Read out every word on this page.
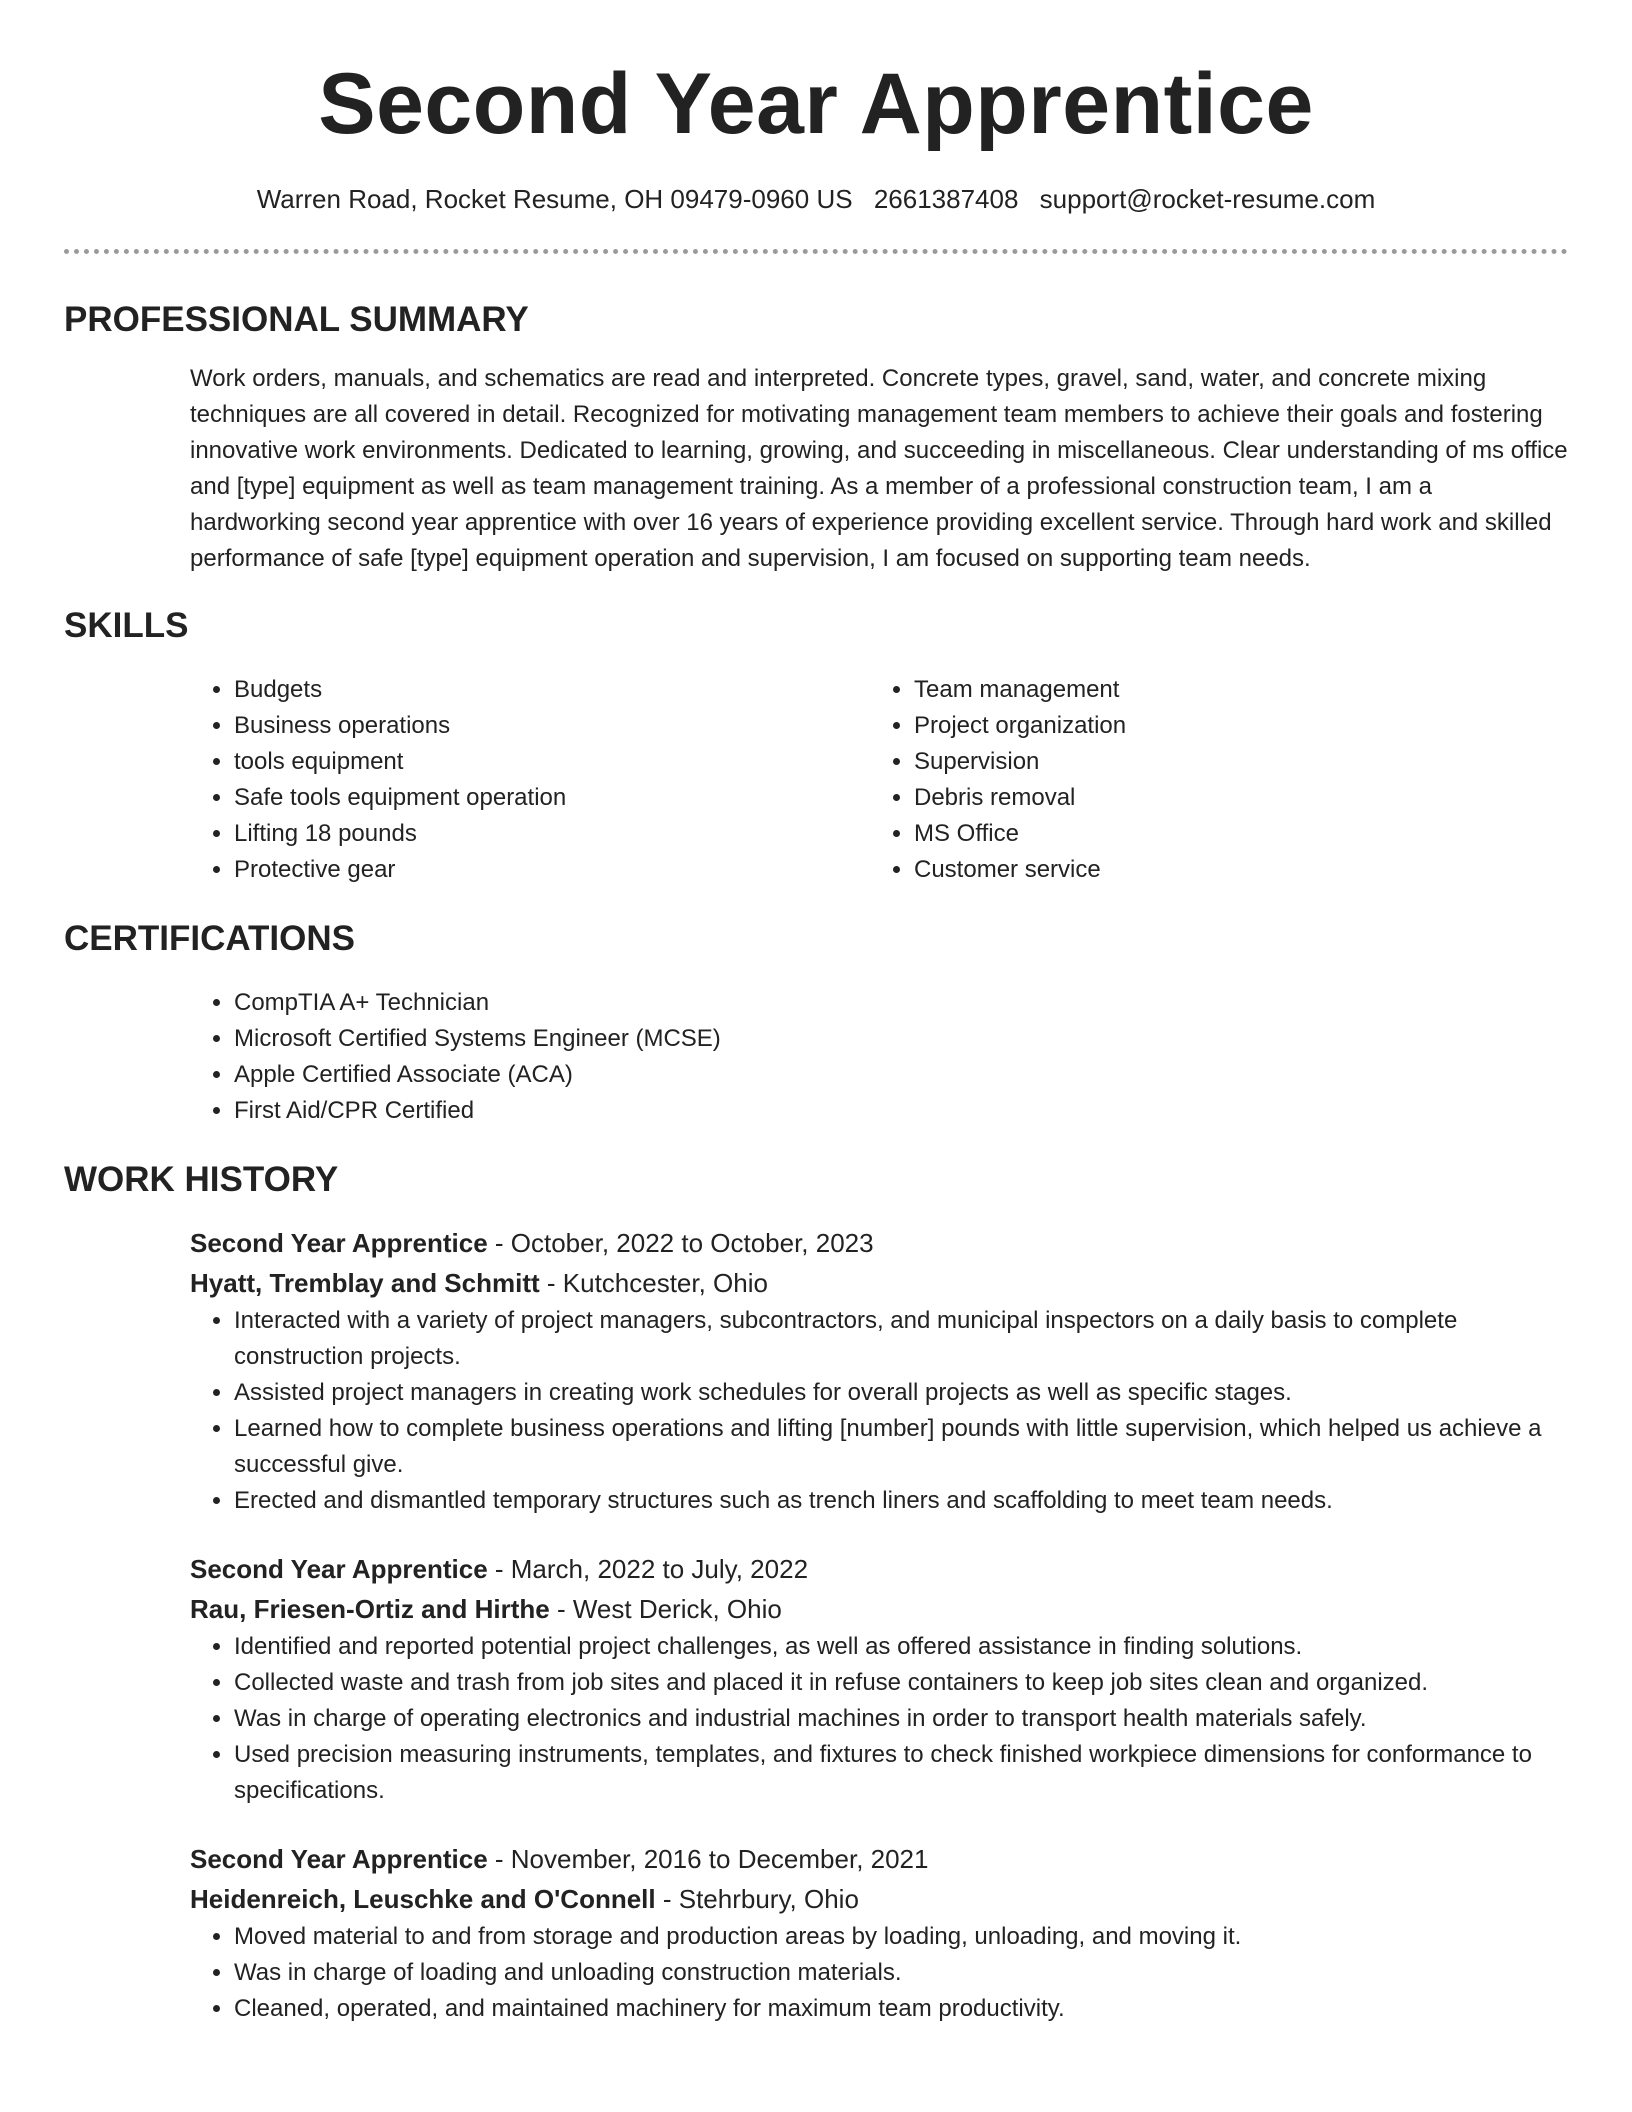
Second Year Apprentice
Warren Road, Rocket Resume, OH 09479-0960 US 2661387408 support@rocket-resume.com
PROFESSIONAL SUMMARY

Work orders, manuals, and schematics are read and interpreted. Concrete types, gravel, sand, water, and concrete mixing techniques are all covered in detail. Recognized for motivating management team members to achieve their goals and fostering innovative work environments. Dedicated to learning, growing, and succeeding in miscellaneous. Clear understanding of ms office and [type] equipment as well as team management training. As a member of a professional construction team, I am a hardworking second year apprentice with over 16 years of experience providing excellent service. Through hard work and skilled performance of safe [type] equipment operation and supervision, I am focused on supporting team needs.

SKILLS
• Budgets
• Business operations
• tools equipment
• Safe tools equipment operation
• Lifting 18 pounds
• Protective gear
• Team management
• Project organization
• Supervision
• Debris removal
• MS Office
• Customer service
CERTIFICATIONS
• CompTIA A+ Technician
• Microsoft Certified Systems Engineer (MCSE)
• Apple Certified Associate (ACA)
• First Aid/CPR Certified
WORK HISTORY
Second Year Apprentice - October, 2022 to October, 2023
Hyatt, Tremblay and Schmitt - Kutchcester, Ohio
• Interacted with a variety of project managers, subcontractors, and municipal inspectors on a daily basis to complete construction projects.
• Assisted project managers in creating work schedules for overall projects as well as specific stages.
• Learned how to complete business operations and lifting [number] pounds with little supervision, which helped us achieve a successful give.
• Erected and dismantled temporary structures such as trench liners and scaffolding to meet team needs.
Second Year Apprentice - March, 2022 to July, 2022
Rau, Friesen-Ortiz and Hirthe - West Derick, Ohio
• Identified and reported potential project challenges, as well as offered assistance in finding solutions.
• Collected waste and trash from job sites and placed it in refuse containers to keep job sites clean and organized.
• Was in charge of operating electronics and industrial machines in order to transport health materials safely.
• Used precision measuring instruments, templates, and fixtures to check finished workpiece dimensions for conformance to specifications.
Second Year Apprentice - November, 2016 to December, 2021
Heidenreich, Leuschke and O'Connell - Stehrbury, Ohio
• Moved material to and from storage and production areas by loading, unloading, and moving it.
• Was in charge of loading and unloading construction materials.
• Cleaned, operated, and maintained machinery for maximum team productivity.
